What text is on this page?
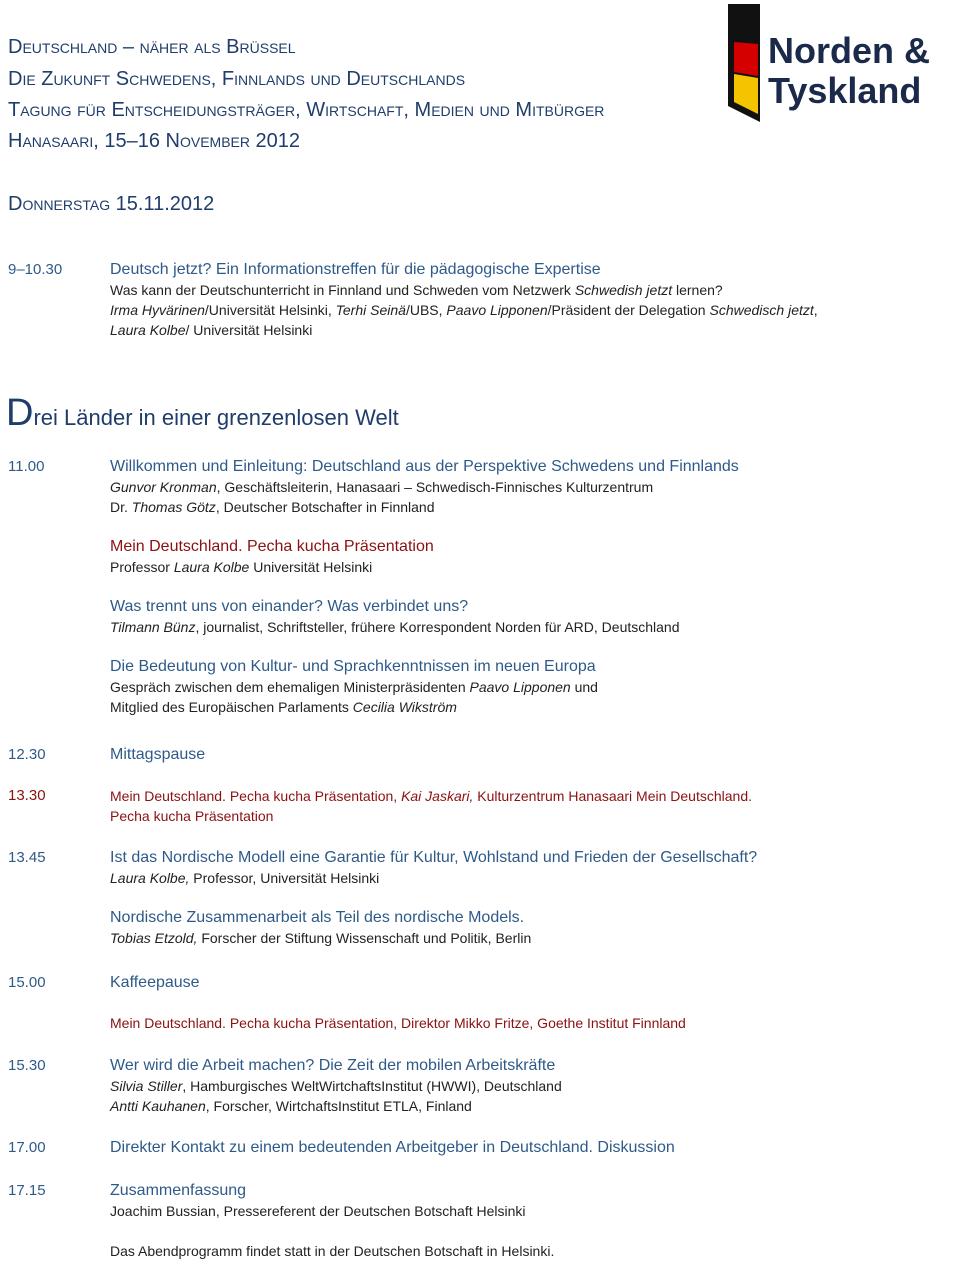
Deutschland – näher als Brüssel
Die Zukunft Schwedens, Finnlands und Deutschlands
Tagung für Entscheidungsträger, Wirtschaft, Medien und Mitbürger
Hanasaari, 15–16 November 2012
Donnerstag 15.11.2012
Norden &
Tyskland
9–10.30	Deutsch jetzt? Ein Informationstreffen für die pädagogische Expertise
Was kann der Deutschunterricht in Finnland und Schweden vom Netzwerk Schwedish jetzt lernen?
Irma Hyvärinen/Universität Helsinki, Terhi Seinä/UBS, Paavo Lipponen/Präsident der Delegation Schwedisch jetzt,
Laura Kolbe/ Universität Helsinki
Drei Länder in einer grenzenlosen Welt
11.00	Willkommen und Einleitung: Deutschland aus der Perspektive Schwedens und Finnlands
Gunvor Kronman, Geschäftsleiterin, Hanasaari – Schwedisch-Finnisches Kulturzentrum
Dr. Thomas Götz, Deutscher Botschafter in Finnland
Mein Deutschland. Pecha kucha Präsentation
Professor Laura Kolbe Universität Helsinki
Was trennt uns von einander? Was verbindet uns?
Tilmann Bünz, journalist, Schriftsteller, frühere Korrespondent Norden für ARD, Deutschland
Die Bedeutung von Kultur- und Sprachkenntnissen im neuen Europa
Gespräch zwischen dem ehemaligen Ministerpräsidenten Paavo Lipponen und
Mitglied des Europäischen Parlaments Cecilia Wikström
12.30	Mittagspause
13.30	Mein Deutschland. Pecha kucha Präsentation, Kai Jaskari, Kulturzentrum Hanasaari Mein Deutschland.
Pecha kucha Präsentation
13.45	Ist das Nordische Modell eine Garantie für Kultur, Wohlstand und Frieden der Gesellschaft?
Laura Kolbe, Professor, Universität Helsinki
Nordische Zusammenarbeit als Teil des nordische Models.
Tobias Etzold, Forscher der Stiftung Wissenschaft und Politik, Berlin
15.00	Kaffeepause
Mein Deutschland. Pecha kucha Präsentation, Direktor Mikko Fritze, Goethe Institut Finnland
15.30	Wer wird die Arbeit machen? Die Zeit der mobilen Arbeitskräfte
Silvia Stiller, Hamburgisches WeltWirtchaftsInstitut (HWWI), Deutschland
Antti Kauhanen, Forscher, WirtchaftsInstitut ETLA, Finland
17.00	Direkter Kontakt zu einem bedeutenden Arbeitgeber in Deutschland. Diskussion
17.15	Zusammenfassung
Joachim Bussian, Pressereferent der Deutschen Botschaft Helsinki
Das Abendprogramm findet statt in der Deutschen Botschaft in Helsinki.
